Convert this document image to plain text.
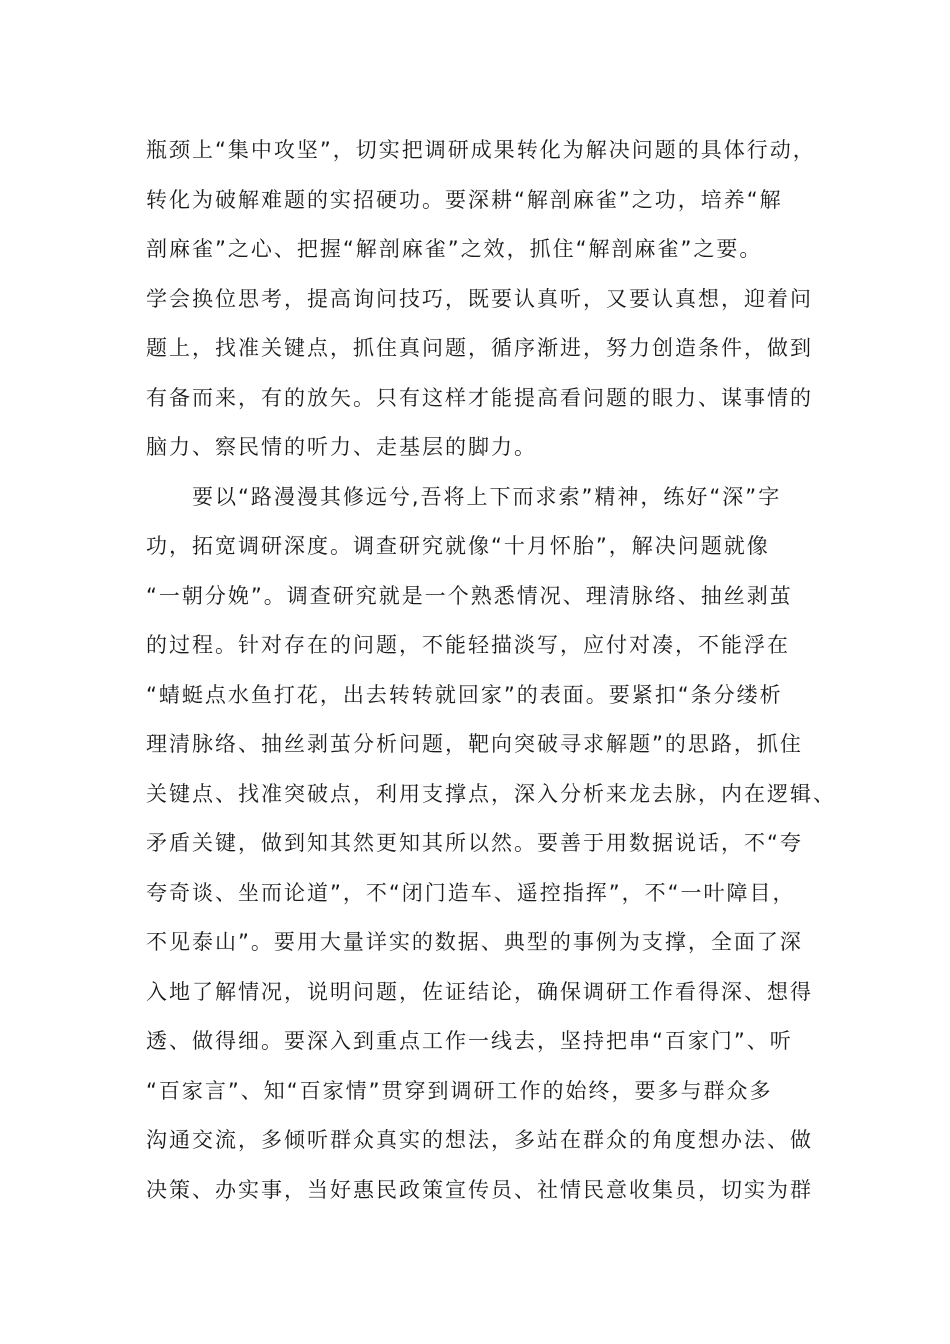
瓶颈上“集中攻坚”，切实把调研成果转化为解决问题的具体行动，
转化为破解难题的实招硬功。要深耕“解剖麻雀”之功，培养“解
剖麻雀”之心、把握“解剖麻雀”之效，抓住“解剖麻雀”之要。
学会换位思考，提高询问技巧，既要认真听，又要认真想，迎着问
题上，找准关键点，抓住真问题，循序渐进，努力创造条件，做到
有备而来，有的放矢。只有这样才能提高看问题的眼力、谋事情的
脑力、察民情的听力、走基层的脚力。
　　要以“路漫漫其修远兮,吾将上下而求索”精神，练好“深”字
功，拓宽调研深度。调查研究就像“十月怀胎”，解决问题就像
“一朝分娩”。调查研究就是一个熟悉情况、理清脉络、抽丝剥茧
的过程。针对存在的问题，不能轻描淡写，应付对凑，不能浮在
“蜻蜓点水鱼打花，出去转转就回家”的表面。要紧扣“条分缕析
理清脉络、抽丝剥茧分析问题，靶向突破寻求解题”的思路，抓住
关键点、找准突破点，利用支撑点，深入分析来龙去脉，内在逻辑、
矛盾关键，做到知其然更知其所以然。要善于用数据说话，不“夸
夸奇谈、坐而论道”，不“闭门造车、遥控指挥”，不“一叶障目，
不见泰山”。要用大量详实的数据、典型的事例为支撑，全面了深
入地了解情况，说明问题，佐证结论，确保调研工作看得深、想得
透、做得细。要深入到重点工作一线去，坚持把串“百家门”、听
“百家言”、知“百家情”贯穿到调研工作的始终，要多与群众多
沟通交流，多倾听群众真实的想法，多站在群众的角度想办法、做
决策、办实事，当好惠民政策宣传员、社情民意收集员，切实为群
